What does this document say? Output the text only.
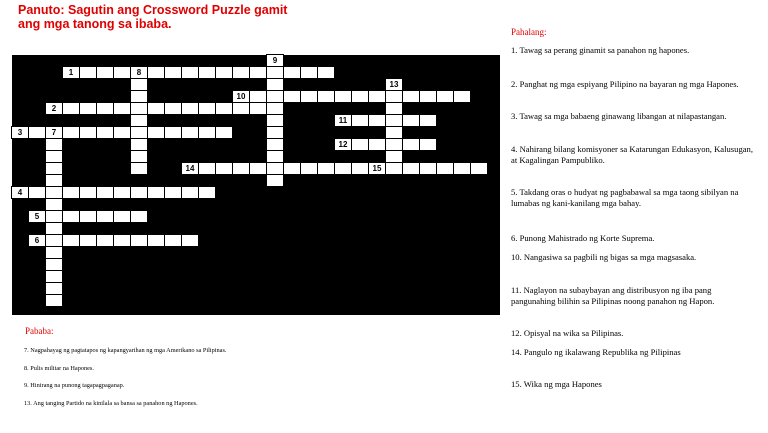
Panuto: Sagutin ang Crossword Puzzle gamit ang mga tanong sa ibaba.
1	8
10
2
11
3	7
12
14	15
4
5
6
9
13
Pababa:
7. Nagpahayag ng pagtatapos ng kapangyarihan ng mga Amerikano sa Pilipinas.
8. Pulis militar na Hapones.
9. Hinirang na punong tagapagpaganap.
13. Ang tanging Partido na kinilala sa bansa sa panahon ng Hapones.
Pahalang:
1. Tawag sa perang ginamit sa panahon ng hapones.
2. Panghat ng mga espiyang Pilipino na bayaran ng mga Hapones.
3. Tawag sa mga babaeng ginawang libangan at nilapastangan.
4. Nahirang bilang komisyoner sa Katarungan Edukasyon, Kalusugan, at Kagalingan Pampubliko.
5. Takdang oras o hudyat ng pagbabawal sa mga taong sibilyan na lumabas ng kani-kanilang mga bahay.
6. Punong Mahistrado ng Korte Suprema.
10. Nangasiwa sa pagbili ng bigas sa mga magsasaka.
11. Naglayon na subaybayan ang distribusyon ng iba pang pangunahing bilihin sa Pilipinas noong panahon ng Hapon.
12. Opisyal na wika sa Pilipinas.
14. Pangulo ng ikalawang Republika ng Pilipinas
15. Wika ng mga Hapones
